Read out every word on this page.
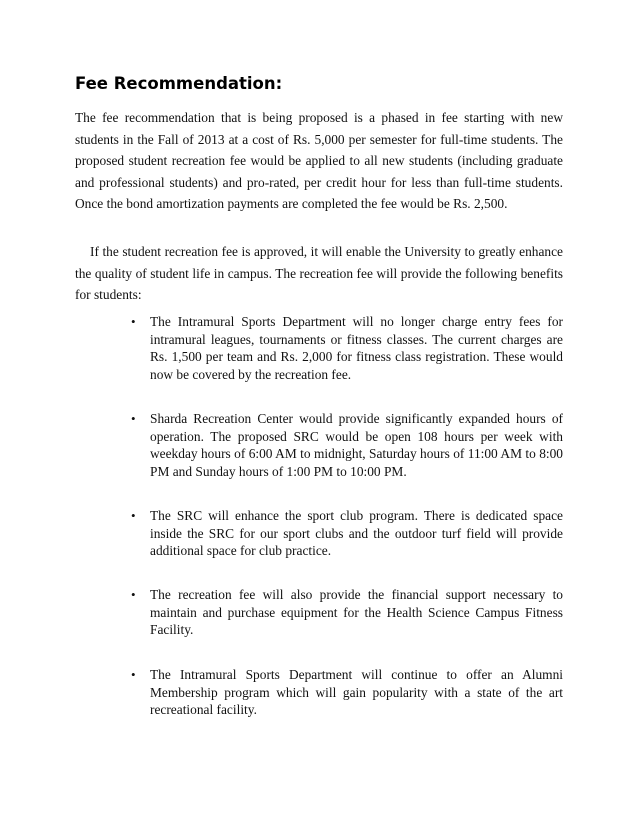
Fee Recommendation:

The fee recommendation that is being proposed is a phased in fee starting with new students in the Fall of 2013 at a cost of Rs. 5,000 per semester for full-time students. The proposed student recreation fee would be applied to all new students (including graduate and professional students) and pro-rated, per credit hour for less than full-time students. Once the bond amortization payments are completed the fee would be Rs. 2,500.

If the student recreation fee is approved, it will enable the University to greatly enhance the quality of student life in campus. The recreation fee will provide the following benefits for students:

•	The Intramural Sports Department will no longer charge entry fees for intramural leagues, tournaments or fitness classes. The current charges are Rs. 1,500 per team and Rs. 2,000 for fitness class registration. These would now be covered by the recreation fee.
•	Sharda Recreation Center would provide significantly expanded hours of operation. The proposed SRC would be open 108 hours per week with weekday hours of 6:00 AM to midnight, Saturday hours of 11:00 AM to 8:00 PM and Sunday hours of 1:00 PM to 10:00 PM.
•	The SRC will enhance the sport club program. There is dedicated space inside the SRC for our sport clubs and the outdoor turf field will provide additional space for club practice.
•	The recreation fee will also provide the financial support necessary to maintain and purchase equipment for the Health Science Campus Fitness Facility.
•	The Intramural Sports Department will continue to offer an Alumni Membership program which will gain popularity with a state of the art recreational facility.
